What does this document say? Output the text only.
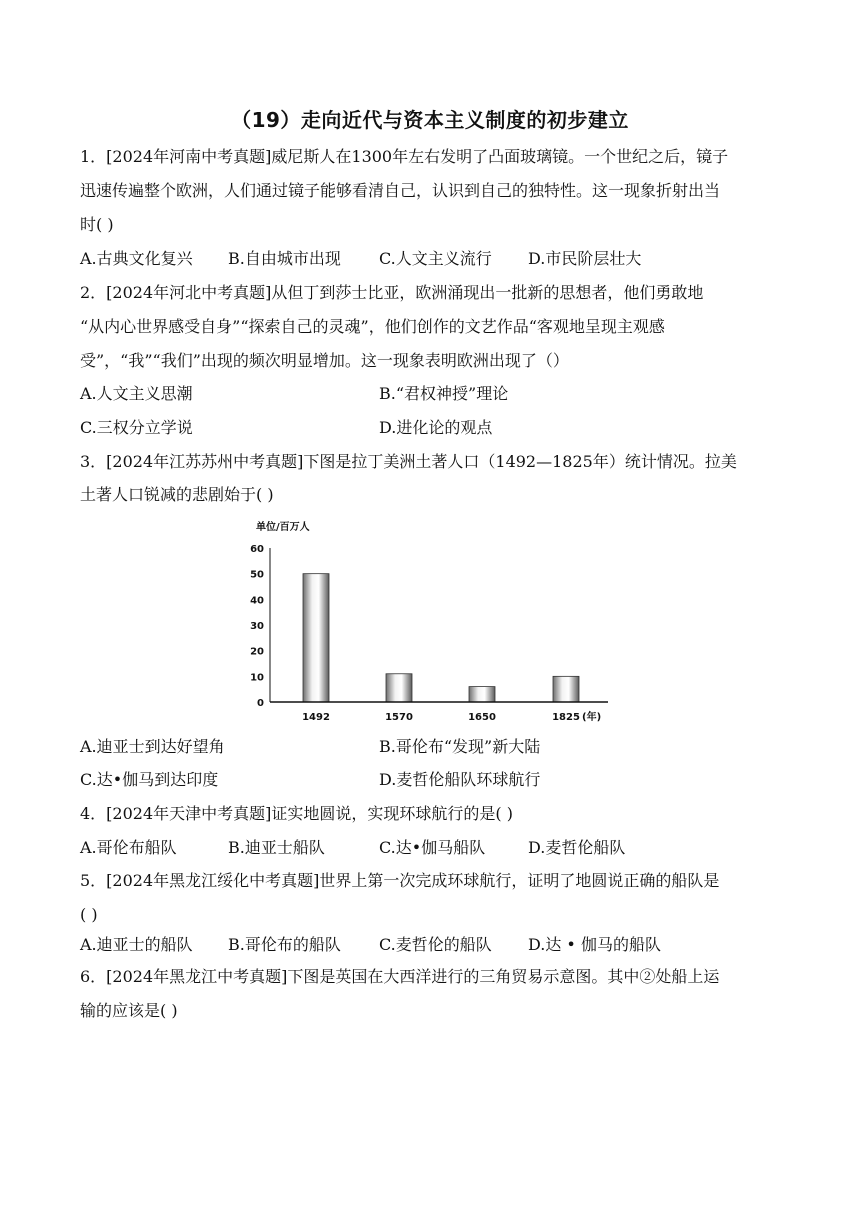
（19）走向近代与资本主义制度的初步建立
1．[2024年河南中考真题]威尼斯人在1300年左右发明了凸面玻璃镜。一个世纪之后，镜子
迅速传遍整个欧洲，人们通过镜子能够看清自己，认识到自己的独特性。这一现象折射出当
时( )
A.古典文化复兴 B.自由城市出现 C.人文主义流行 D.市民阶层壮大
2．[2024年河北中考真题]从但丁到莎士比亚，欧洲涌现出一批新的思想者，他们勇敢地
“从内心世界感受自身”“探索自己的灵魂”，他们创作的文艺作品“客观地呈现主观感
受”，“我”“我们”出现的频次明显增加。这一现象表明欧洲出现了（）
A.人文主义思潮	B.“君权神授”理论
C.三权分立学说	D.进化论的观点
3．[2024年江苏苏州中考真题]下图是拉丁美洲土著人口（1492—1825年）统计情况。拉美
土著人口锐减的悲剧始于( )
单位/百万人
60
50
40
30
20
10
0
1492	1570	1650	1825 (年)
A.迪亚士到达好望角	B.哥伦布“发现”新大陆
C.达•伽马到达印度	D.麦哲伦船队环球航行
4．[2024年天津中考真题]证实地圆说，实现环球航行的是( )
A.哥伦布船队	B.迪亚士船队	C.达•伽马船队	D.麦哲伦船队
5．[2024年黑龙江绥化中考真题]世界上第一次完成环球航行，证明了地圆说正确的船队是
( )
A.迪亚士的船队 B.哥伦布的船队 C.麦哲伦的船队 D.达 • 伽马的船队
6．[2024年黑龙江中考真题]下图是英国在大西洋进行的三角贸易示意图。其中②处船上运
输的应该是( )
